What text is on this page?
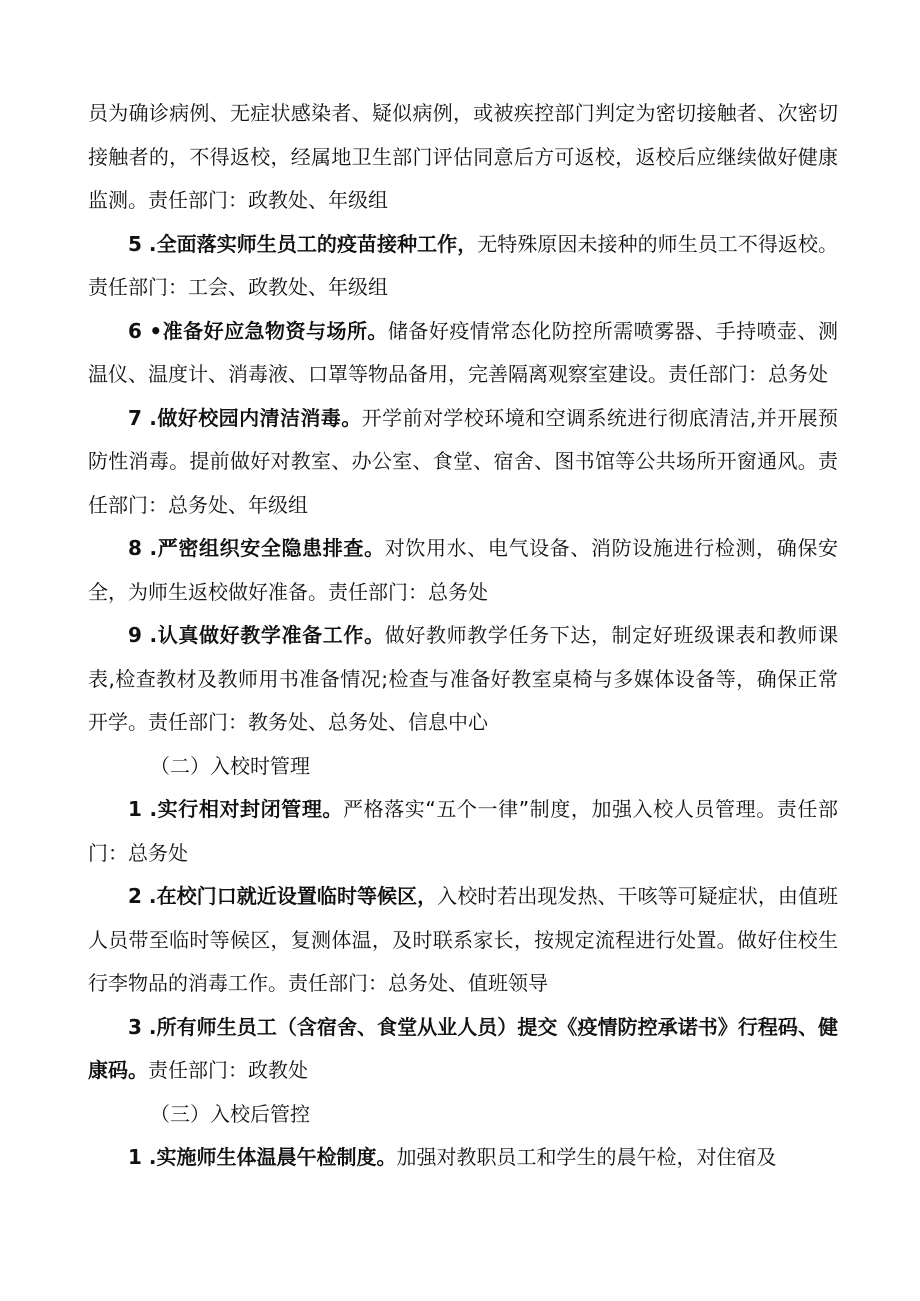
员为确诊病例、无症状感染者、疑似病例，或被疾控部门判定为密切接触者、次密切接触者的，不得返校，经属地卫生部门评估同意后方可返校，返校后应继续做好健康监测。责任部门：政教处、年级组

5 .全面落实师生员工的疫苗接种工作，无特殊原因未接种的师生员工不得返校。责任部门：工会、政教处、年级组

6 •准备好应急物资与场所。储备好疫情常态化防控所需喷雾器、手持喷壶、测温仪、温度计、消毒液、口罩等物品备用，完善隔离观察室建设。责任部门：总务处

7 .做好校园内清洁消毒。开学前对学校环境和空调系统进行彻底清洁,并开展预防性消毒。提前做好对教室、办公室、食堂、宿舍、图书馆等公共场所开窗通风。责任部门：总务处、年级组

8 .严密组织安全隐患排查。对饮用水、电气设备、消防设施进行检测，确保安全，为师生返校做好准备。责任部门：总务处

9 .认真做好教学准备工作。做好教师教学任务下达，制定好班级课表和教师课表,检查教材及教师用书准备情况;检查与准备好教室桌椅与多媒体设备等，确保正常开学。责任部门：教务处、总务处、信息中心

（二）入校时管理

1 .实行相对封闭管理。严格落实“五个一律”制度，加强入校人员管理。责任部门：总务处

2 .在校门口就近设置临时等候区，入校时若出现发热、干咳等可疑症状，由值班人员带至临时等候区，复测体温，及时联系家长，按规定流程进行处置。做好住校生行李物品的消毒工作。责任部门：总务处、值班领导

3 .所有师生员工（含宿舍、食堂从业人员）提交《疫情防控承诺书》行程码、健康码。责任部门：政教处

（三）入校后管控

1 .实施师生体温晨午检制度。加强对教职员工和学生的晨午检，对住宿及
